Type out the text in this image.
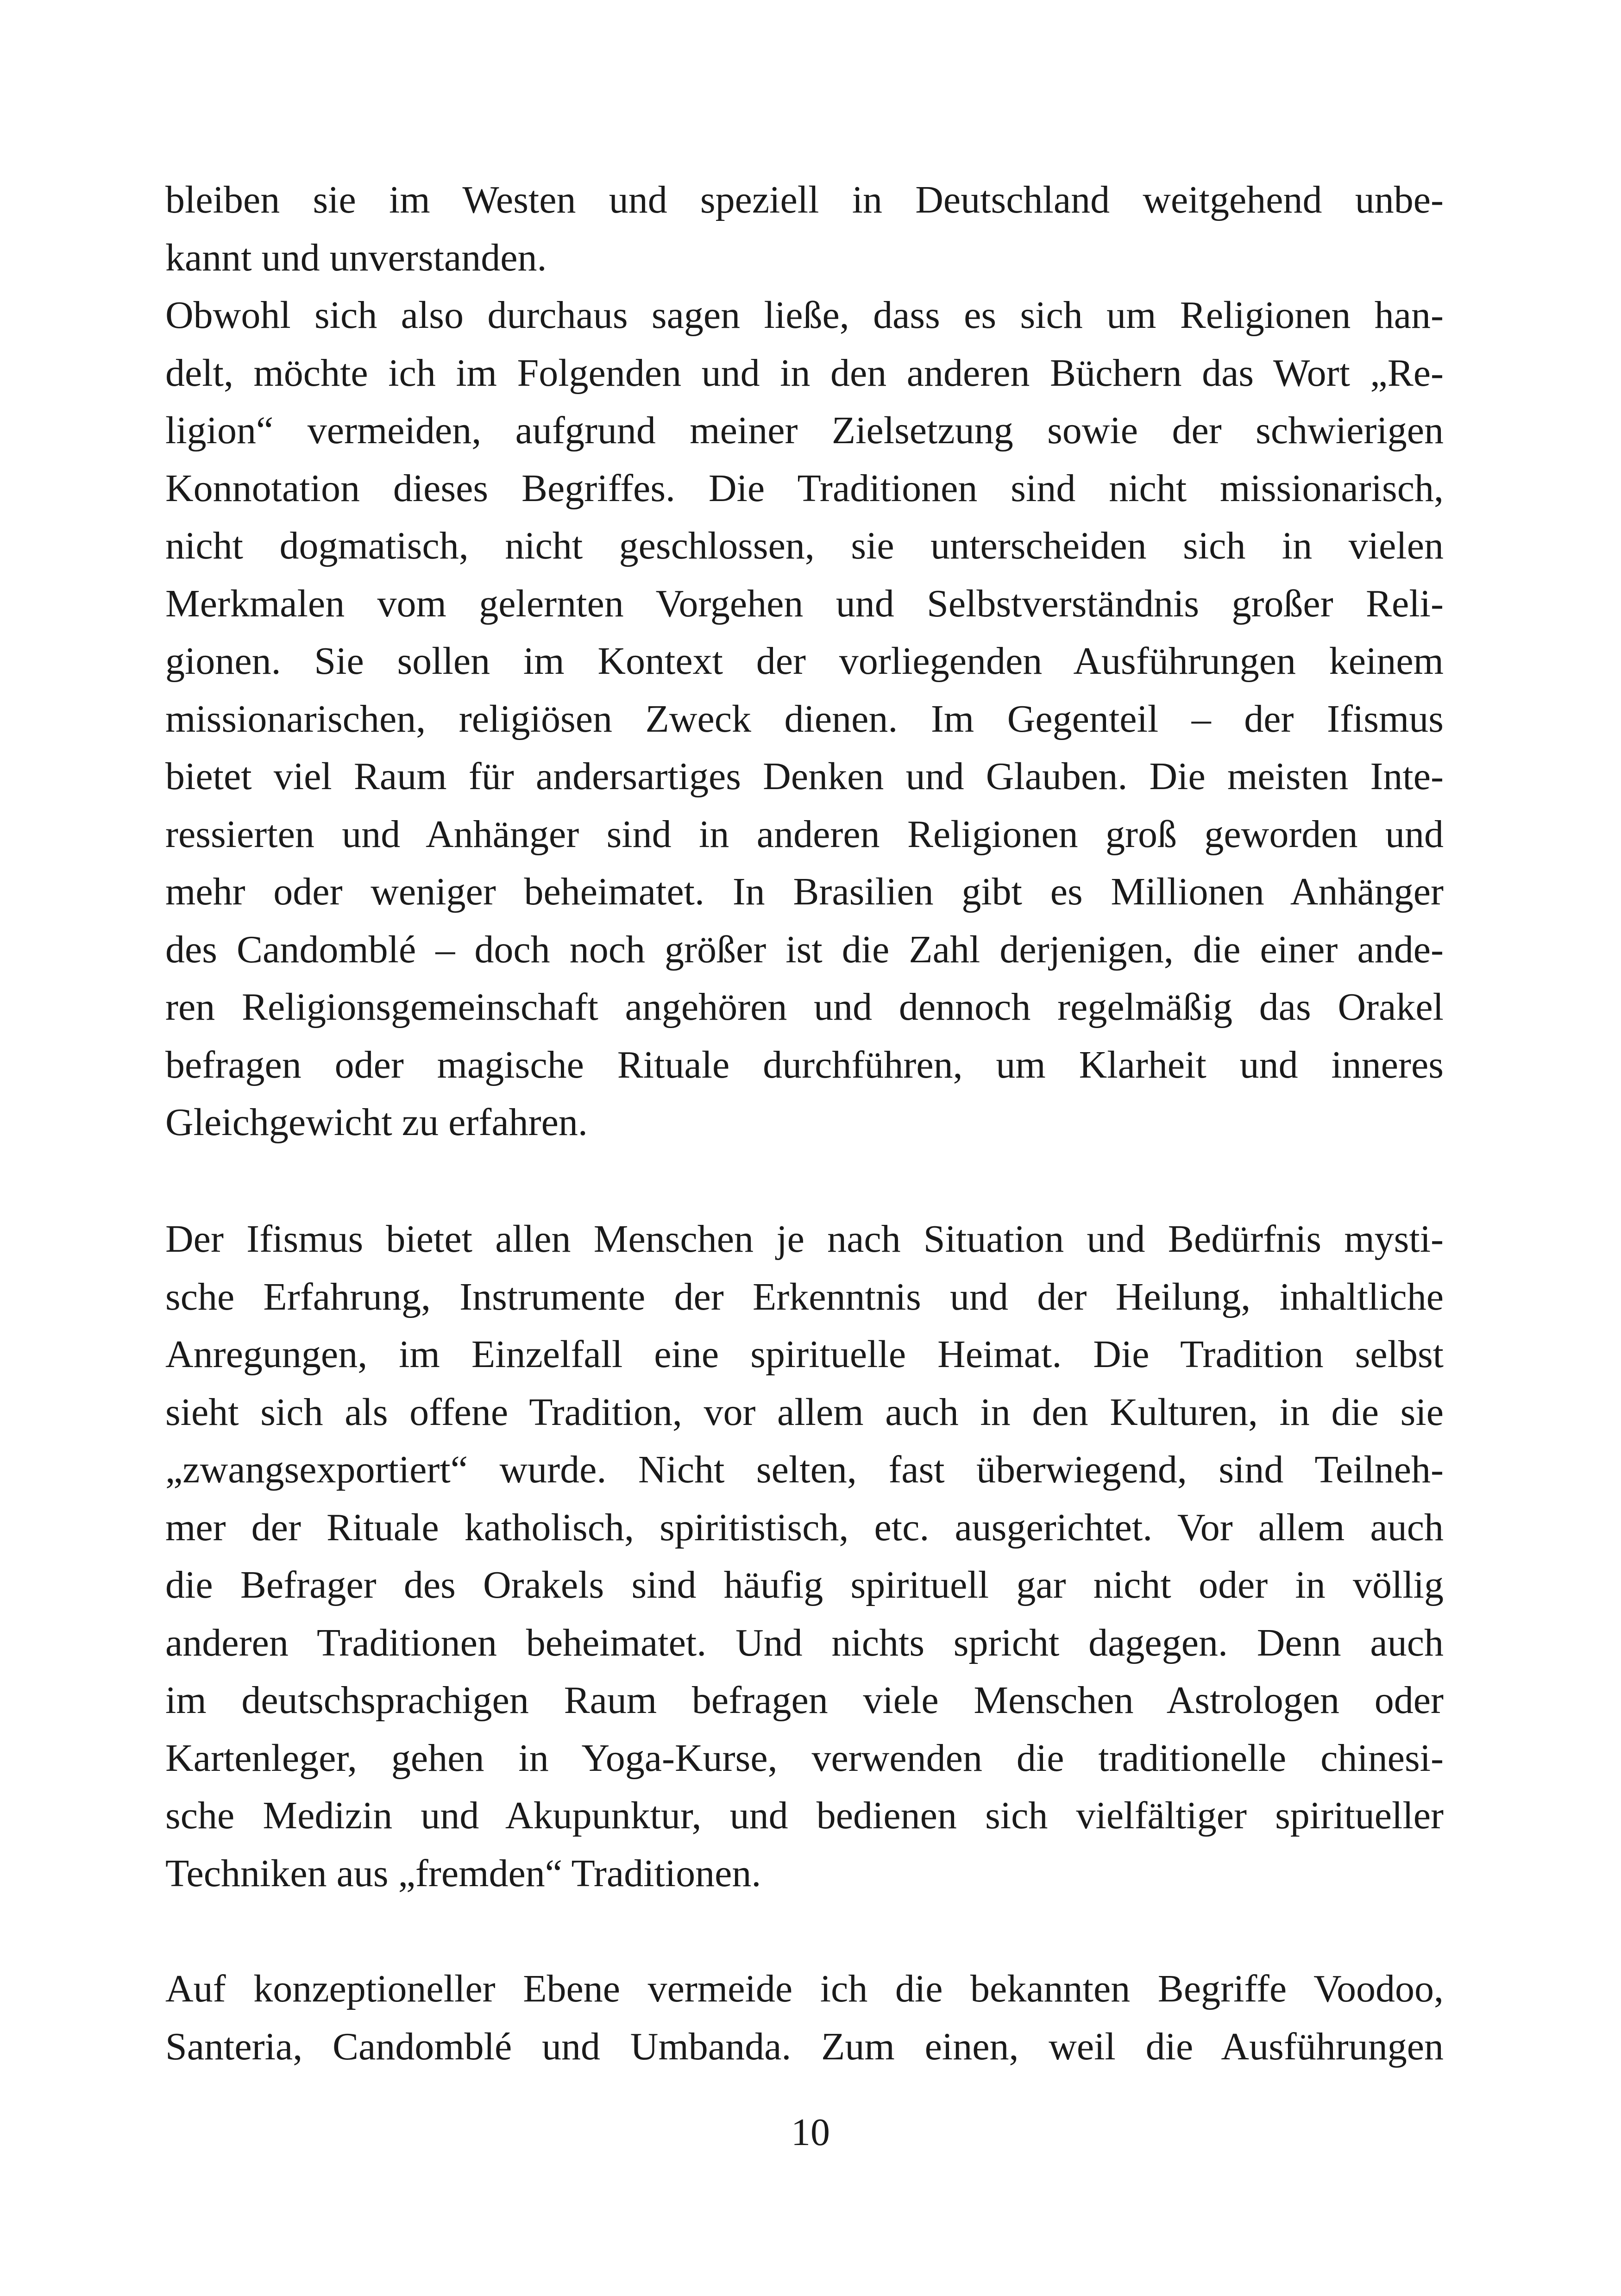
bleiben sie im Westen und speziell in Deutschland weitgehend unbe-
kannt und unverstanden.
Obwohl sich also durchaus sagen ließe, dass es sich um Religionen han-
delt, möchte ich im Folgenden und in den anderen Büchern das Wort „Re-
ligion“ vermeiden, aufgrund meiner Zielsetzung sowie der schwierigen
Konnotation dieses Begriffes. Die Traditionen sind nicht missionarisch,
nicht dogmatisch, nicht geschlossen, sie unterscheiden sich in vielen
Merkmalen vom gelernten Vorgehen und Selbstverständnis großer Reli-
gionen. Sie sollen im Kontext der vorliegenden Ausführungen keinem
missionarischen, religiösen Zweck dienen. Im Gegenteil – der Ifismus
bietet viel Raum für andersartiges Denken und Glauben. Die meisten Inte-
ressierten und Anhänger sind in anderen Religionen groß geworden und
mehr oder weniger beheimatet. In Brasilien gibt es Millionen Anhänger
des Candomblé – doch noch größer ist die Zahl derjenigen, die einer ande-
ren Religionsgemeinschaft angehören und dennoch regelmäßig das Orakel
befragen oder magische Rituale durchführen, um Klarheit und inneres
Gleichgewicht zu erfahren.
Der Ifismus bietet allen Menschen je nach Situation und Bedürfnis mysti-
sche Erfahrung, Instrumente der Erkenntnis und der Heilung, inhaltliche
Anregungen, im Einzelfall eine spirituelle Heimat. Die Tradition selbst
sieht sich als offene Tradition, vor allem auch in den Kulturen, in die sie
„zwangsexportiert“ wurde. Nicht selten, fast überwiegend, sind Teilneh-
mer der Rituale katholisch, spiritistisch, etc. ausgerichtet. Vor allem auch
die Befrager des Orakels sind häufig spirituell gar nicht oder in völlig
anderen Traditionen beheimatet. Und nichts spricht dagegen. Denn auch
im deutschsprachigen Raum befragen viele Menschen Astrologen oder
Kartenleger, gehen in Yoga-Kurse, verwenden die traditionelle chinesi-
sche Medizin und Akupunktur, und bedienen sich vielfältiger spiritueller
Techniken aus „fremden“ Traditionen.
Auf konzeptioneller Ebene vermeide ich die bekannten Begriffe Voodoo,
Santeria, Candomblé und Umbanda. Zum einen, weil die Ausführungen
10
